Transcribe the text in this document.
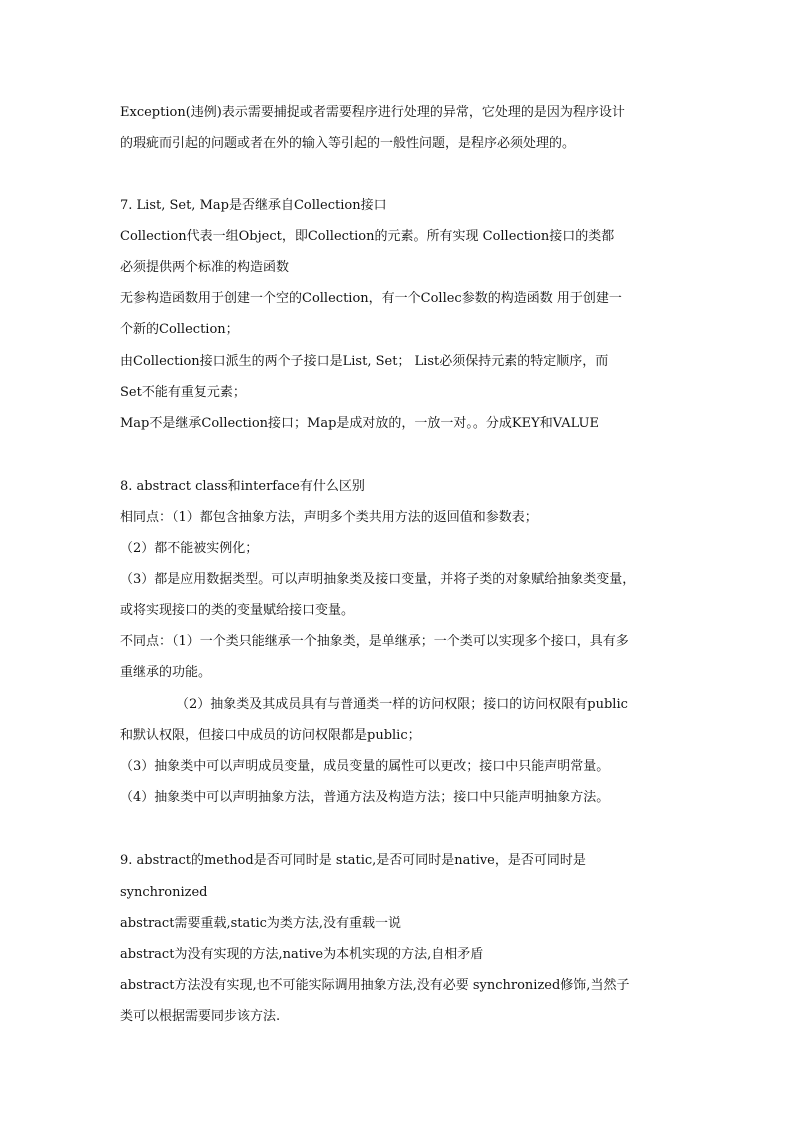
Exception(违例)表示需要捕捉或者需要程序进行处理的异常，它处理的是因为程序设计
的瑕疵而引起的问题或者在外的输入等引起的一般性问题，是程序必须处理的。
7. List, Set, Map是否继承自Collection接口
Collection代表一组Object，即Collection的元素。所有实现 Collection接口的类都
必须提供两个标准的构造函数
无参构造函数用于创建一个空的Collection，有一个Collec参数的构造函数 用于创建一
个新的Collection；
由Collection接口派生的两个子接口是List, Set； List必须保持元素的特定顺序，而
Set不能有重复元素；
Map不是继承Collection接口；Map是成对放的，一放一对。。分成KEY和VALUE
8. abstract class和interface有什么区别
相同点：（1）都包含抽象方法，声明多个类共用方法的返回值和参数表；
（2）都不能被实例化；
（3）都是应用数据类型。可以声明抽象类及接口变量，并将子类的对象赋给抽象类变量，
或将实现接口的类的变量赋给接口变量。
不同点：（1）一个类只能继承一个抽象类，是单继承；一个类可以实现多个接口，具有多
重继承的功能。
（2）抽象类及其成员具有与普通类一样的访问权限；接口的访问权限有public
和默认权限，但接口中成员的访问权限都是public；
（3）抽象类中可以声明成员变量，成员变量的属性可以更改；接口中只能声明常量。
（4）抽象类中可以声明抽象方法，普通方法及构造方法；接口中只能声明抽象方法。
9. abstract的method是否可同时是 static,是否可同时是native，是否可同时是
synchronized
abstract需要重载,static为类方法,没有重载一说
abstract为没有实现的方法,native为本机实现的方法,自相矛盾
abstract方法没有实现,也不可能实际调用抽象方法,没有必要 synchronized修饰,当然子
类可以根据需要同步该方法.
